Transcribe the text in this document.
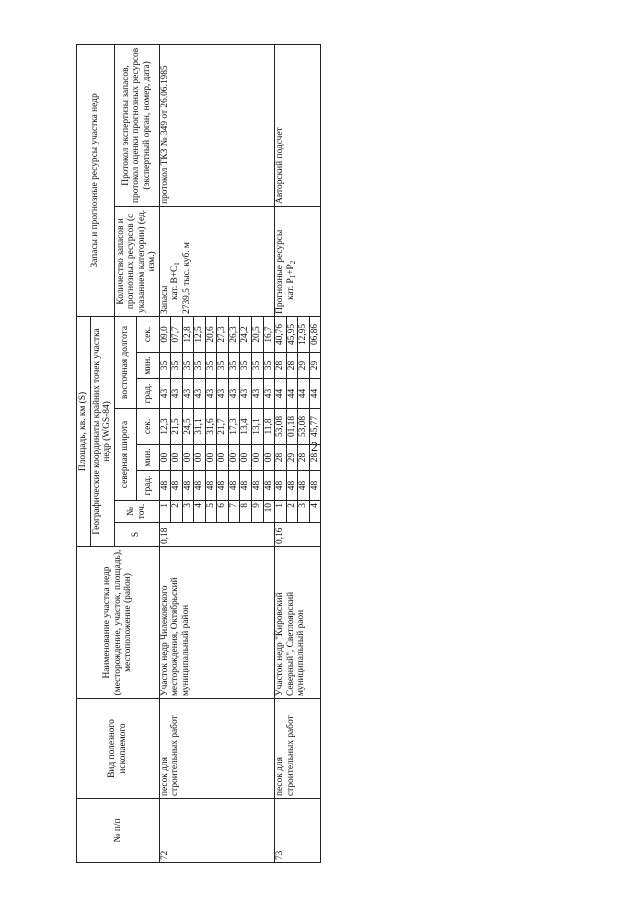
2
№ п/п	Вид полезного ископаемого	Наименование участка недр (месторождение, участок, площадь), местоположение (район)	Площадь, кв. км (S)								Запасы и прогнозные ресурсы участка недр	
			Географические координаты крайних точек участка недр (WGS-84)									
			S	№ точ.	северная широта			восточная долгота			Количество запасов и прогнозных ресурсов (с указанием категории) (ед. изм.)	Протокол экспертизы запасов, протокол оценки прогнозных ресурсов (экспертный орган, номер, дата)
					град.	мин.	сек.	град.	мин.	сек.		
72	песок для строительных работ	Участок недр Чилековского месторождения, Октябрьский муниципальный район	0,18	1	48	00	12,3	43	35	09,0	Запасы кат. $В+С_1$ 2739,5 тыс. куб. м	протокол ТКЗ № 349 от 26.06.1985
				2	48	00	21,5	43	35	07,7		
				3	48	00	24,5	43	35	12,8		
				4	48	00	31,1	43	35	12,5		
				5	48	00	31,6	43	35	20,6		
				6	48	00	21,7	43	35	27,3		
				7	48	00	17,3	43	35	26,3		
				8	48	00	13,4	43	35	24,2		
				9	48	00	13,1	43	35	20,5		
				10	48	00	11,8	43	35	16,7		
73	песок для строительных работ	Участок недр "Кировский Северный", Светлоярский муниципальный раон	0,16	1	48	28	53,08	44	28	40,76	Прогнозные ресурсы кат. $Р_1+Р_2$	Авторский подсчет
				2	48	29	01,18	44	28	45,95		
				3	48	28	53,08	44	29	12,95		
				4	48	28	45,77	44	29	06,86		
